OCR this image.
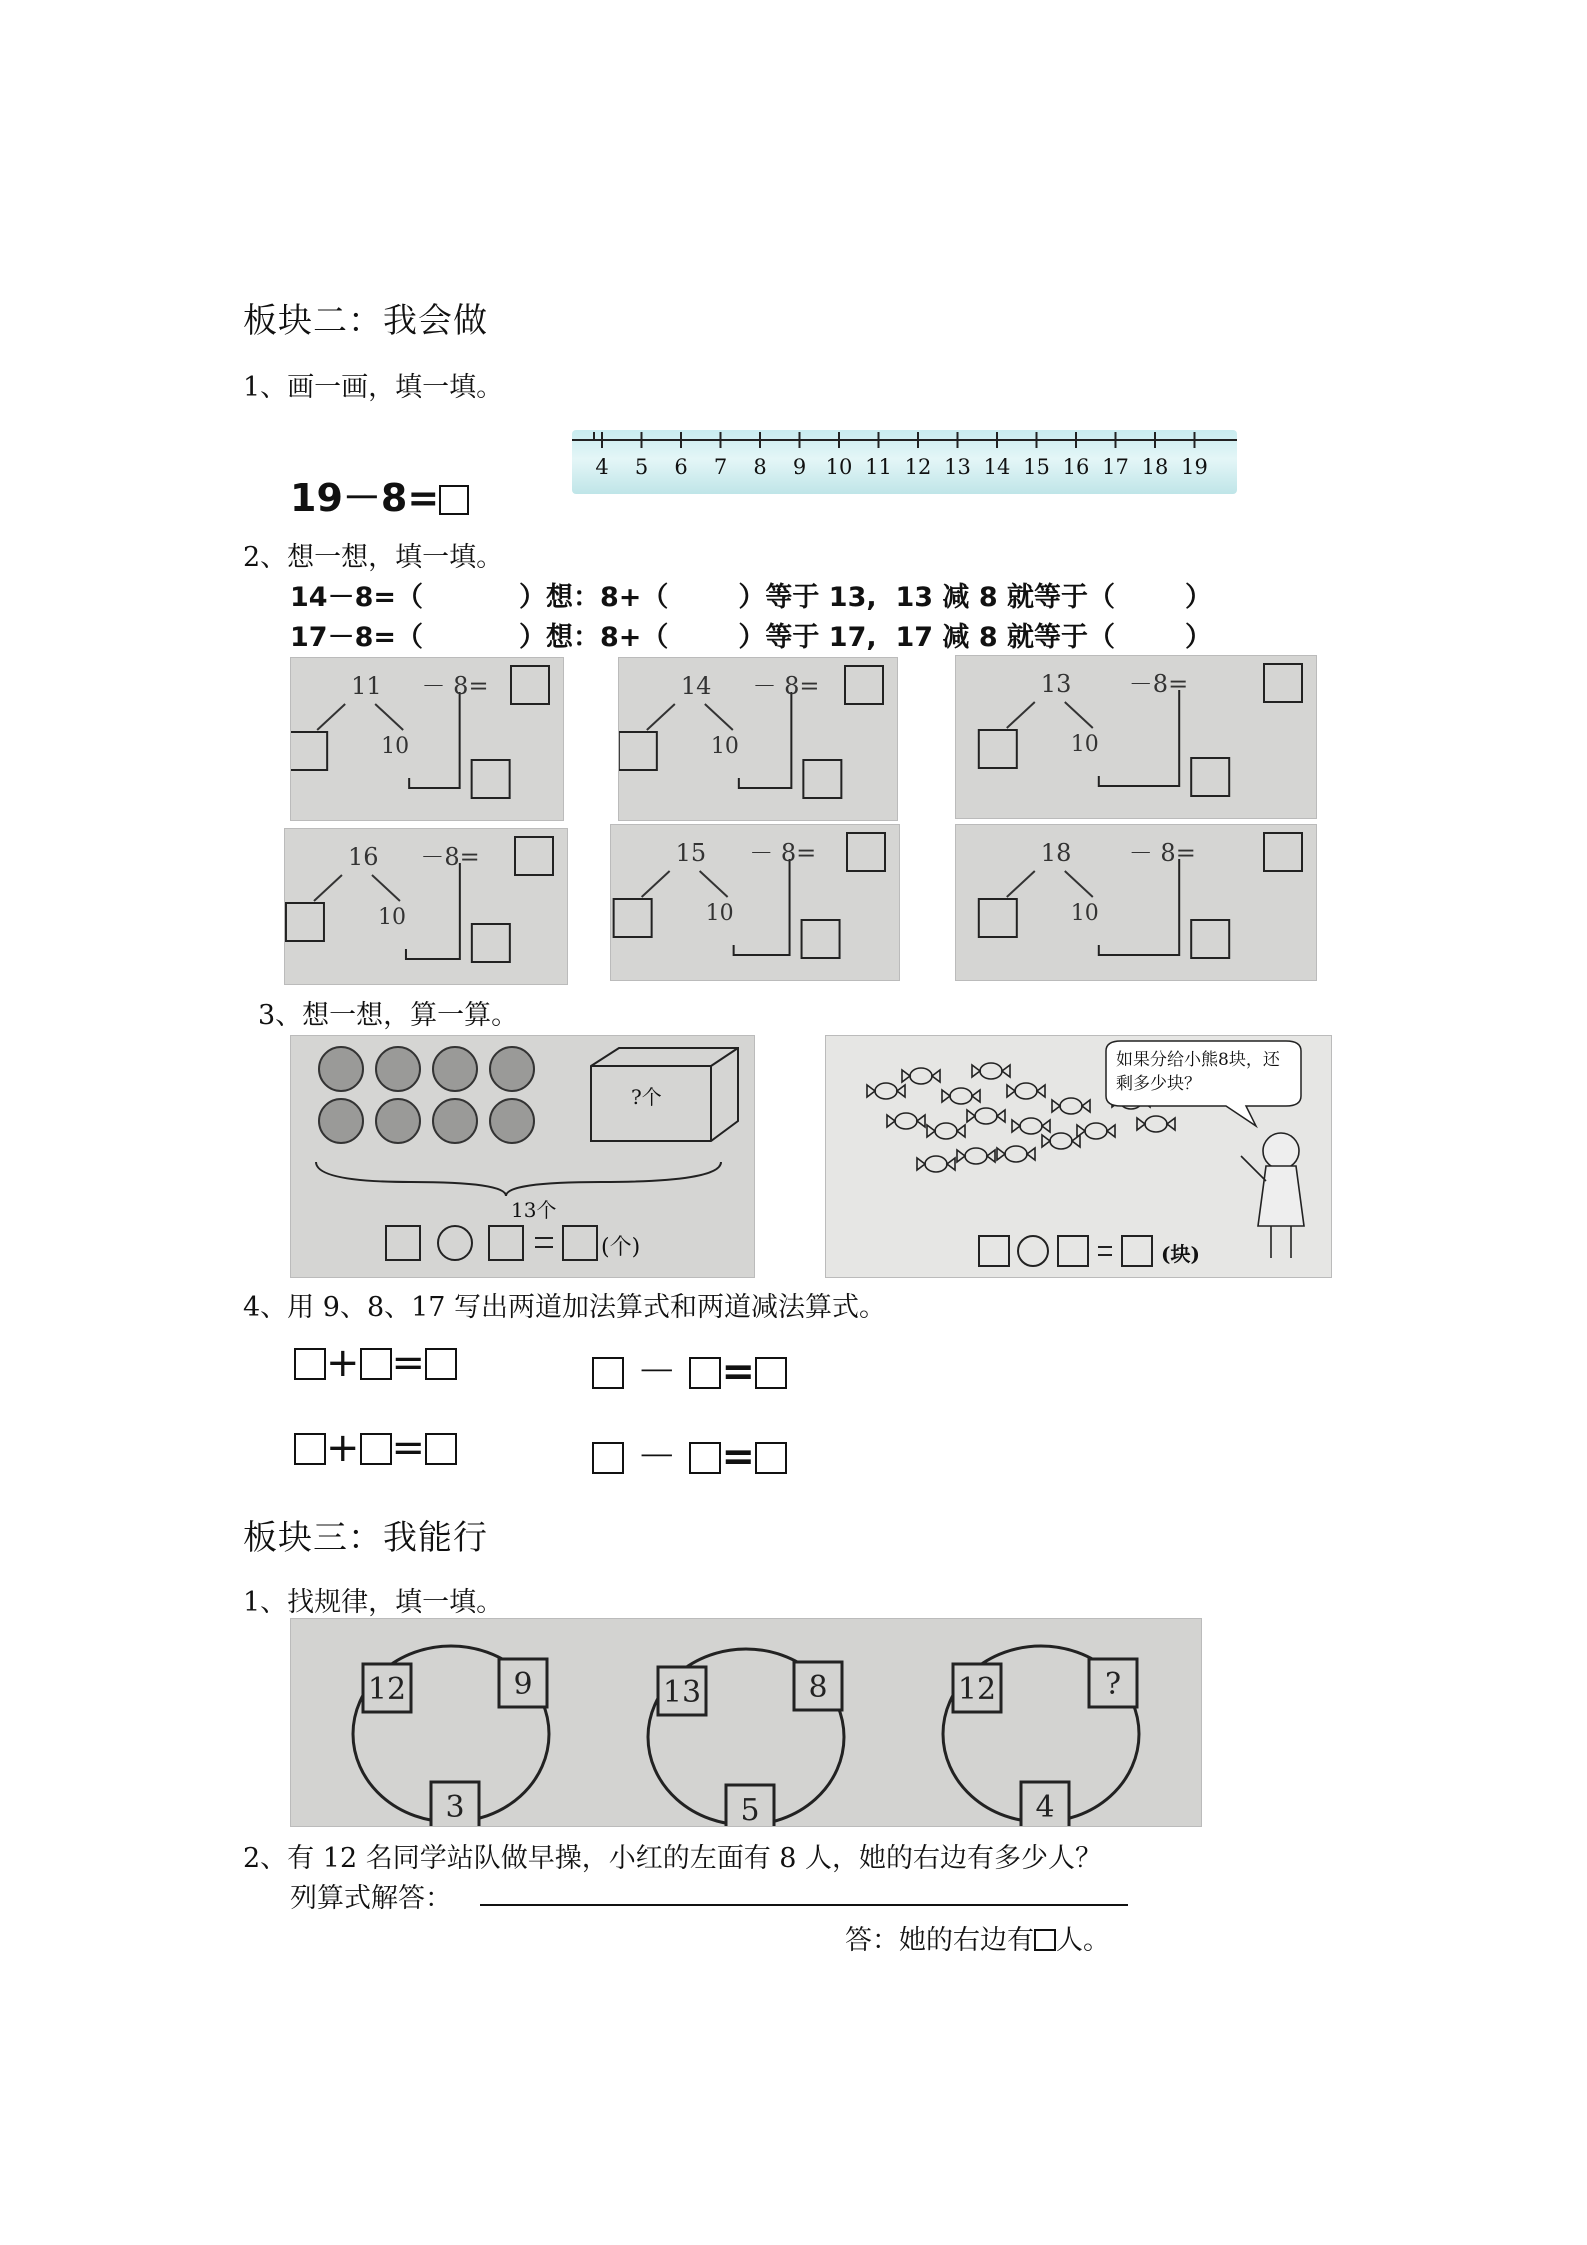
板块二：我会做
1、画一画，填一填。
19－8=
4 5 6 7 8 9 10 11 12 13 14 15 16 17 18 19
2、想一想，填一填。
14－8=（	）想：8+（	）等于 13, 13 减 8 就等于（	）
17－8=（	）想：8+（	）等于 17, 17 减 8 就等于（	）
11 － 8=
10
14 － 8=
10
13 －8=
10
16 －8=
10
15 － 8=
10
18 － 8=
10
3、想一想，算一算。
?个
13个
(个)
如果分给小熊8块，还剩多少块？
(块)
4、用 9、8、17 写出两道加法算式和两道减法算式。
+ =	－ =
+ =	－ =
板块三：我能行
1、找规律，填一填。
12	9
3
13	8
5
12	?
4
2、有 12 名同学站队做早操，小红的左面有 8 人，她的右边有多少人？
列算式解答：
答：她的右边有 人。
